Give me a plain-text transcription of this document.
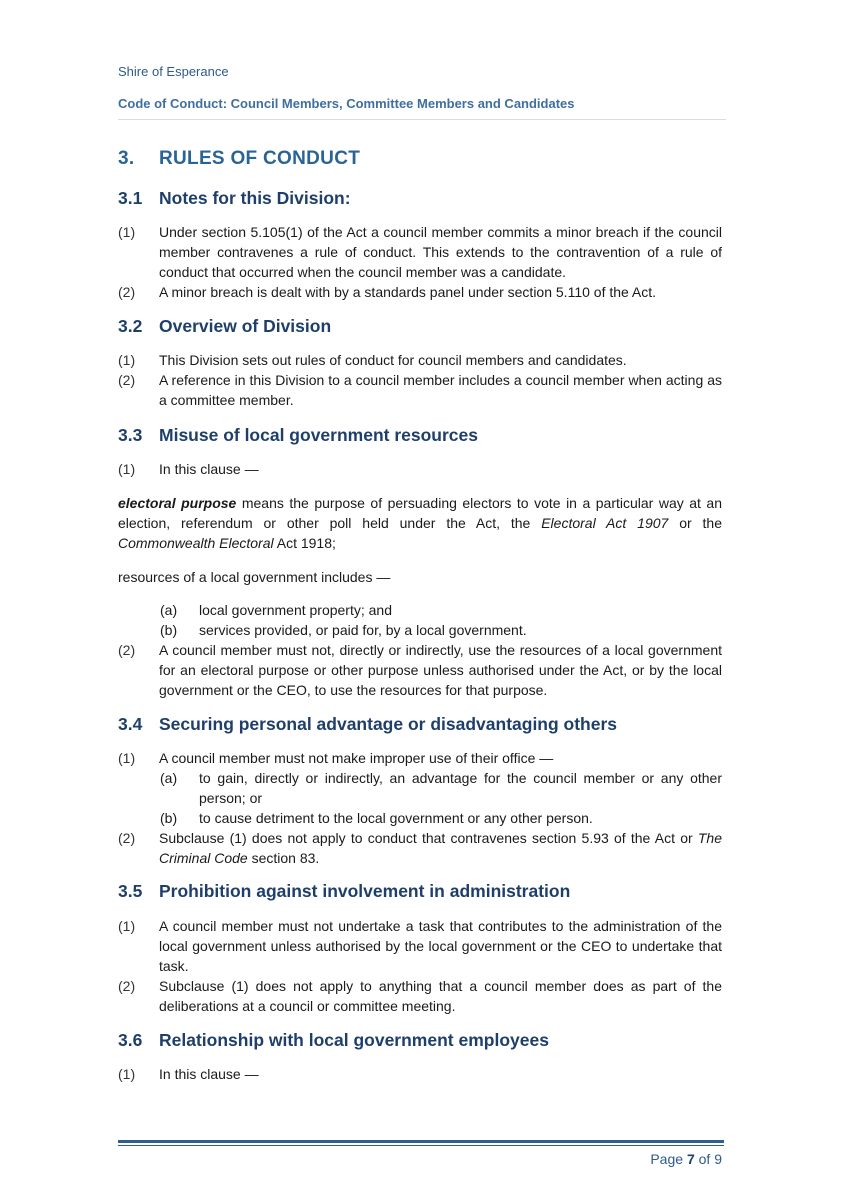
Shire of Esperance
Code of Conduct: Council Members, Committee Members and Candidates
3. RULES OF CONDUCT
3.1 Notes for this Division:
(1)	Under section 5.105(1) of the Act a council member commits a minor breach if the council member contravenes a rule of conduct. This extends to the contravention of a rule of conduct that occurred when the council member was a candidate.
(2)	A minor breach is dealt with by a standards panel under section 5.110 of the Act.
3.2 Overview of Division
(1)	This Division sets out rules of conduct for council members and candidates.
(2)	A reference in this Division to a council member includes a council member when acting as a committee member.
3.3 Misuse of local government resources
(1)	In this clause —
electoral purpose means the purpose of persuading electors to vote in a particular way at an election, referendum or other poll held under the Act, the Electoral Act 1907 or the Commonwealth Electoral Act 1918;
resources of a local government includes —
(a)	local government property; and
(b)	services provided, or paid for, by a local government.
(2)	A council member must not, directly or indirectly, use the resources of a local government for an electoral purpose or other purpose unless authorised under the Act, or by the local government or the CEO, to use the resources for that purpose.
3.4 Securing personal advantage or disadvantaging others
(1)	A council member must not make improper use of their office —
(a)	to gain, directly or indirectly, an advantage for the council member or any other person; or
(b)	to cause detriment to the local government or any other person.
(2)	Subclause (1) does not apply to conduct that contravenes section 5.93 of the Act or The Criminal Code section 83.
3.5 Prohibition against involvement in administration
(1)	A council member must not undertake a task that contributes to the administration of the local government unless authorised by the local government or the CEO to undertake that task.
(2)	Subclause (1) does not apply to anything that a council member does as part of the deliberations at a council or committee meeting.
3.6 Relationship with local government employees
(1)	In this clause —
Page 7 of 9
